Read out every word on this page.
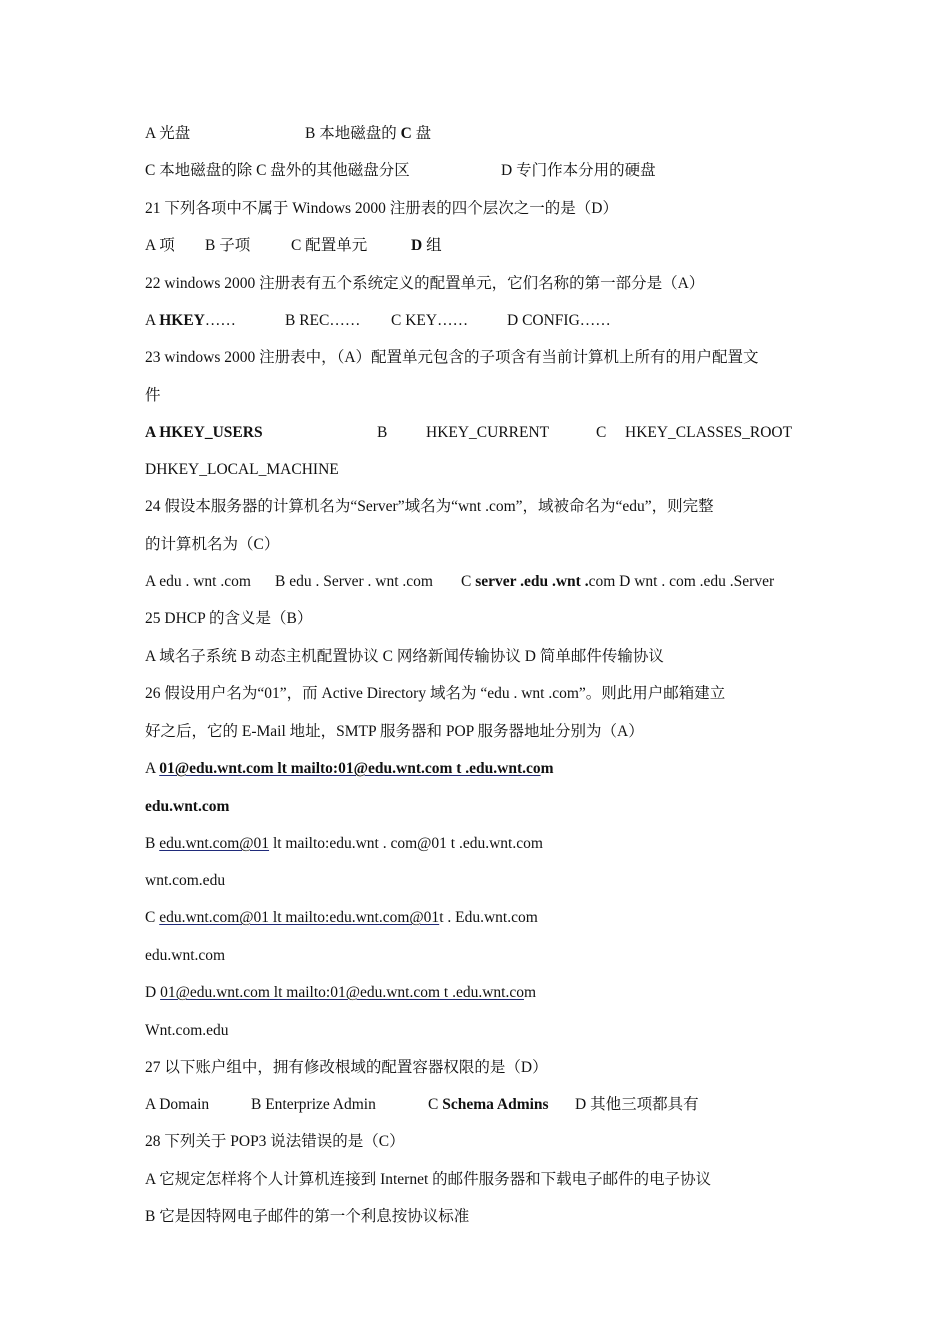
A 光盘	B 本地磁盘的 C 盘
C 本地磁盘的除 C 盘外的其他磁盘分区	D 专门作本分用的硬盘
21 下列各项中不属于 Windows 2000 注册表的四个层次之一的是（D）
A 项 B 子项	C 配置单元	D 组
22 windows 2000 注册表有五个系统定义的配置单元，它们名称的第一部分是（A）
A HKEY……	B REC…… C KEY……	D CONFIG……
23 windows 2000 注册表中，（A）配置单元包含的子项含有当前计算机上所有的用户配置文
件
A HKEY_USERS	B HKEY_CURRENT	C HKEY_CLASSES_ROOT
DHKEY_LOCAL_MACHINE
24 假设本服务器的计算机名为“Server”域名为“wnt .com”，域被命名为“edu”，则完整
的计算机名为（C）
A edu . wnt .com B edu . Server . wnt .com C server .edu .wnt .com D wnt . com .edu .Server
25 DHCP 的含义是（B）
A 域名子系统 B 动态主机配置协议 C 网络新闻传输协议 D 简单邮件传输协议
26 假设用户名为“01”，而 Active Directory 域名为 “edu . wnt .com”。则此用户邮箱建立
好之后，它的 E-Mail 地址，SMTP 服务器和 POP 服务器地址分别为（A）
A 01@edu.wnt.com lt mailto:01@edu.wnt.com t .edu.wnt.com
edu.wnt.com
B edu.wnt.com@01 lt mailto:edu.wnt . com@01 t .edu.wnt.com
wnt.com.edu
C edu.wnt.com@01 lt mailto:edu.wnt.com@01t . Edu.wnt.com
edu.wnt.com
D 01@edu.wnt.com lt mailto:01@edu.wnt.com t .edu.wnt.com
Wnt.com.edu
27 以下账户组中，拥有修改根域的配置容器权限的是（D）
A Domain	B Enterprize Admin	C Schema Admins D 其他三项都具有
28 下列关于 POP3 说法错误的是（C）
A 它规定怎样将个人计算机连接到 Internet 的邮件服务器和下载电子邮件的电子协议
B 它是因特网电子邮件的第一个利息按协议标准
